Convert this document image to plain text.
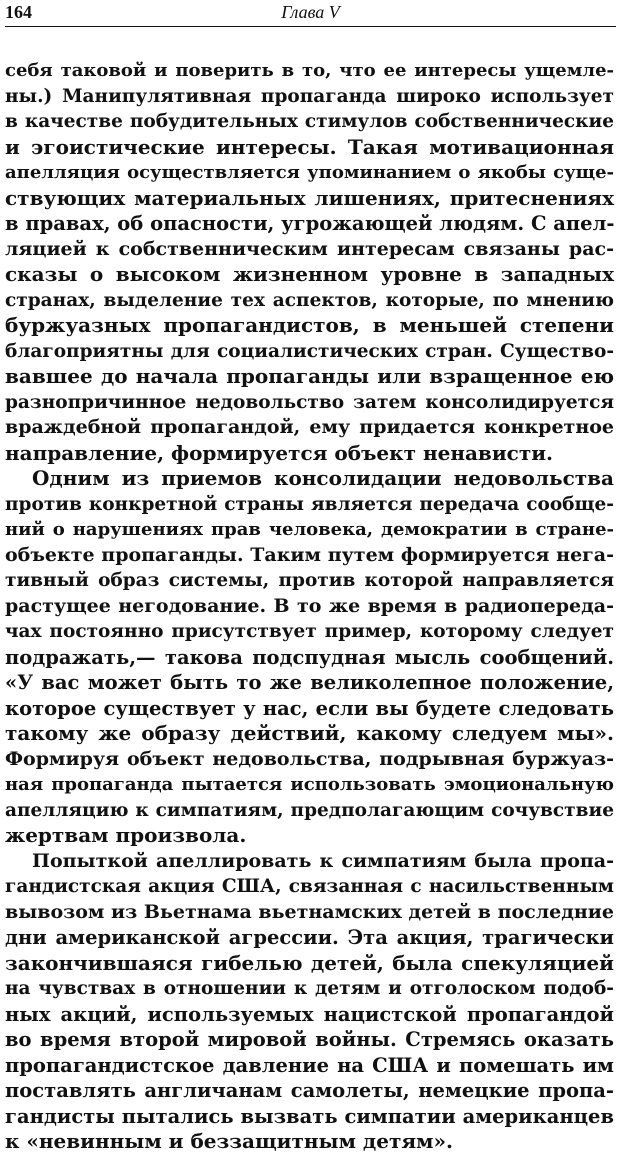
164	Глава V
себя таковой и поверить в то, что ее интересы ущемле-
ны.) Манипулятивная пропаганда широко использует
в качестве побудительных стимулов собственнические
и эгоистические интересы. Такая мотивационная
апелляция осуществляется упоминанием о якобы суще-
ствующих материальных лишениях, притеснениях
в правах, об опасности, угрожающей людям. С апел-
ляцией к собственническим интересам связаны рас-
сказы о высоком жизненном уровне в западных
странах, выделение тех аспектов, которые, по мнению
буржуазных пропагандистов, в меньшей степени
благоприятны для социалистических стран. Существо-
вавшее до начала пропаганды или взращенное ею
разнопричинное недовольство затем консолидируется
враждебной пропагандой, ему придается конкретное
направление, формируется объект ненависти.
Одним из приемов консолидации недовольства
против конкретной страны является передача сообще-
ний о нарушениях прав человека, демократии в стране-
объекте пропаганды. Таким путем формируется нега-
тивный образ системы, против которой направляется
растущее негодование. В то же время в радиопереда-
чах постоянно присутствует пример, которому следует
подражать,— такова подспудная мысль сообщений.
«У вас может быть то же великолепное положение,
которое существует у нас, если вы будете следовать
такому же образу действий, какому следуем мы».
Формируя объект недовольства, подрывная буржуаз-
ная пропаганда пытается использовать эмоциональную
апелляцию к симпатиям, предполагающим сочувствие
жертвам произвола.
Попыткой апеллировать к симпатиям была пропа-
гандистская акция США, связанная с насильственным
вывозом из Вьетнама вьетнамских детей в последние
дни американской агрессии. Эта акция, трагически
закончившаяся гибелью детей, была спекуляцией
на чувствах в отношении к детям и отголоском подоб-
ных акций, используемых нацистской пропагандой
во время второй мировой войны. Стремясь оказать
пропагандистское давление на США и помешать им
поставлять англичанам самолеты, немецкие пропа-
гандисты пытались вызвать симпатии американцев
к «невинным и беззащитным детям».
